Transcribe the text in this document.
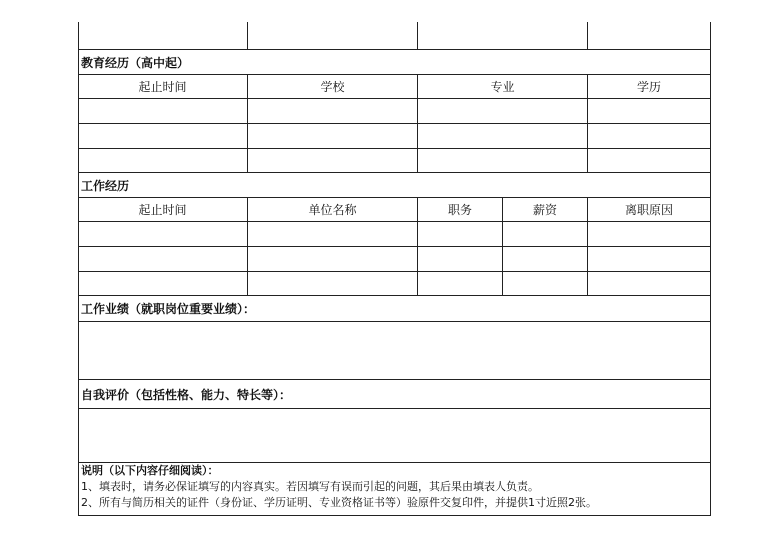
教育经历（高中起）
起止时间	学校	专业	学历
工作经历
起止时间	单位名称	职务	薪资	离职原因
工作业绩（就职岗位重要业绩）：
自我评价（包括性格、能力、特长等）：
说明（以下内容仔细阅读）：
1、填表时，请务必保证填写的内容真实。若因填写有误而引起的问题，其后果由填表人负责。
2、所有与简历相关的证件（身份证、学历证明、专业资格证书等）验原件交复印件，并提供1寸近照2张。
